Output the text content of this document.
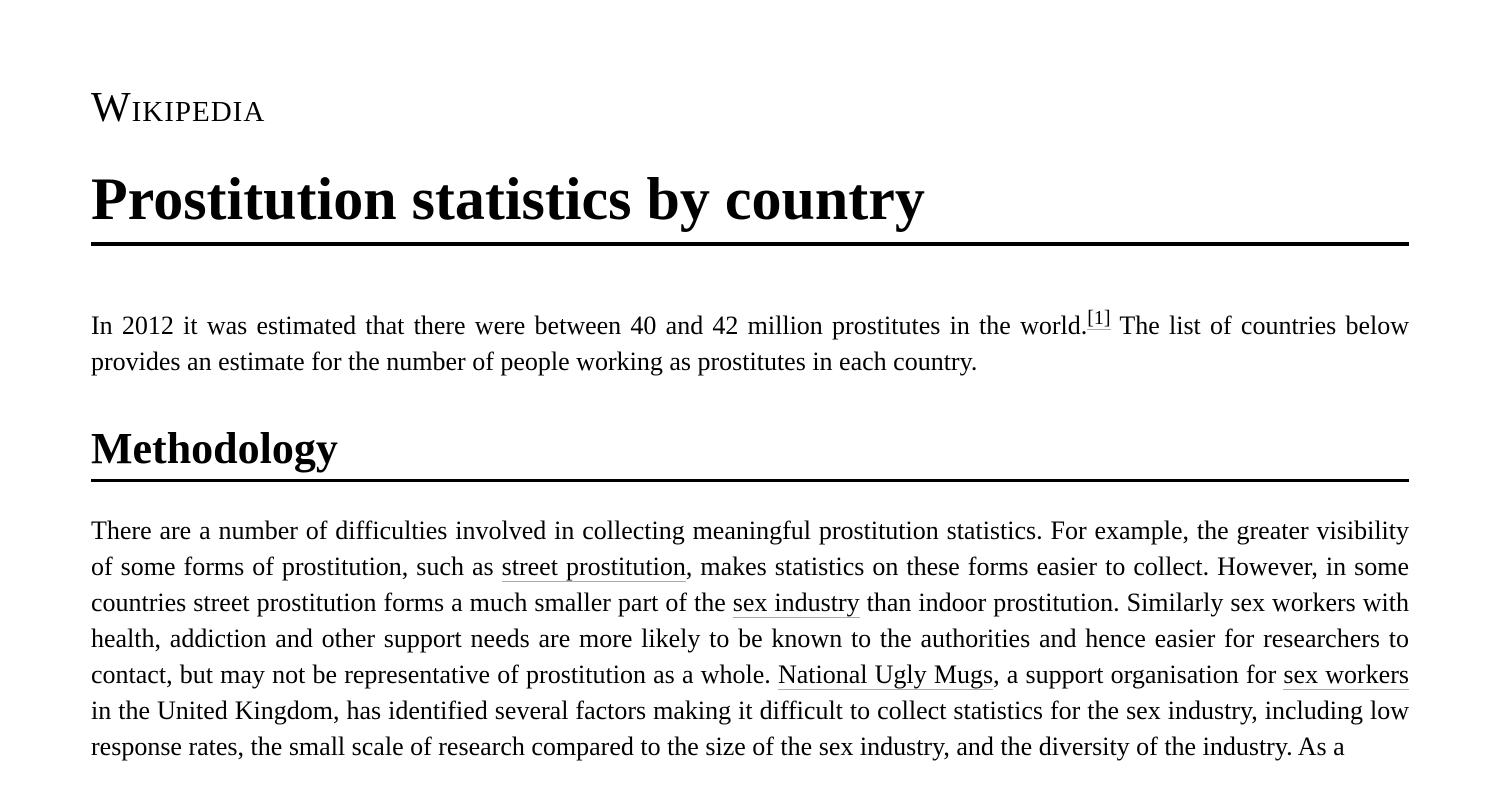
Wikipedia
Prostitution statistics by country

In 2012 it was estimated that there were between 40 and 42 million prostitutes in the world.[1] The list of countries below provides an estimate for the number of people working as prostitutes in each country.

Methodology

There are a number of difficulties involved in collecting meaningful prostitution statistics. For example, the greater visibility of some forms of prostitution, such as street prostitution, makes statistics on these forms easier to collect. However, in some countries street prostitution forms a much smaller part of the sex industry than indoor prostitution. Similarly sex workers with health, addiction and other support needs are more likely to be known to the authorities and hence easier for researchers to contact, but may not be representative of prostitution as a whole. National Ugly Mugs, a support organisation for sex workers in the United Kingdom, has identified several factors making it difficult to collect statistics for the sex industry, including low response rates, the small scale of research compared to the size of the sex industry, and the diversity of the industry. As a
